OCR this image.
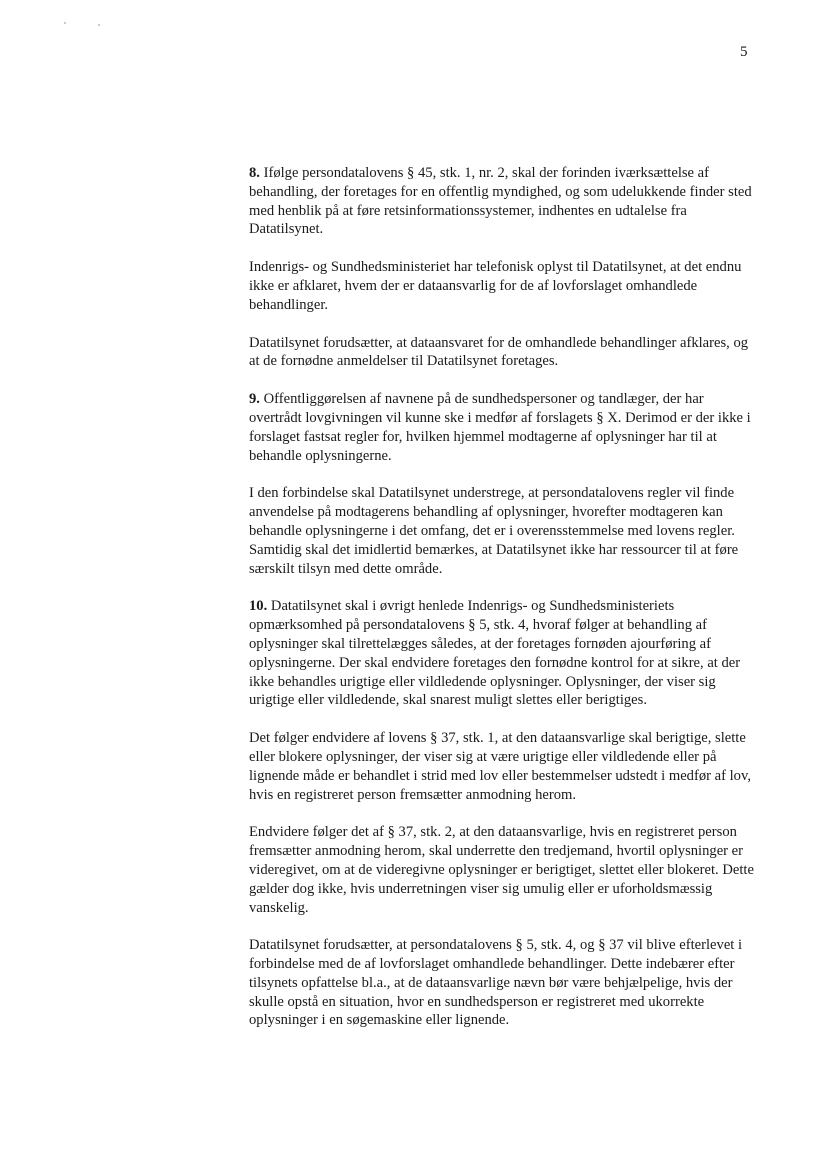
5

8. Ifølge persondatalovens § 45, stk. 1, nr. 2, skal der forinden iværksættelse af behandling, der foretages for en offentlig myndighed, og som udelukkende finder sted med henblik på at føre retsinformationssystemer, indhentes en udtalelse fra Datatilsynet.

Indenrigs- og Sundhedsministeriet har telefonisk oplyst til Datatilsynet, at det endnu ikke er afklaret, hvem der er dataansvarlig for de af lovforslaget omhandlede behandlinger.

Datatilsynet forudsætter, at dataansvaret for de omhandlede behandlinger afklares, og at de fornødne anmeldelser til Datatilsynet foretages.

9. Offentliggørelsen af navnene på de sundhedspersoner og tandlæger, der har overtrådt lovgivningen vil kunne ske i medfør af forslagets § X. Derimod er der ikke i forslaget fastsat regler for, hvilken hjemmel modtagerne af oplysninger har til at behandle oplysningerne.

I den forbindelse skal Datatilsynet understrege, at persondatalovens regler vil finde anvendelse på modtagerens behandling af oplysninger, hvorefter modtageren kan behandle oplysningerne i det omfang, det er i overensstemmelse med lovens regler. Samtidig skal det imidlertid bemærkes, at Datatilsynet ikke har ressourcer til at føre særskilt tilsyn med dette område.

10. Datatilsynet skal i øvrigt henlede Indenrigs- og Sundhedsministeriets opmærksomhed på persondatalovens § 5, stk. 4, hvoraf følger at behandling af oplysninger skal tilrettelægges således, at der foretages fornøden ajourføring af oplysningerne. Der skal endvidere foretages den fornødne kontrol for at sikre, at der ikke behandles urigtige eller vildledende oplysninger. Oplysninger, der viser sig urigtige eller vildledende, skal snarest muligt slettes eller berigtiges.

Det følger endvidere af lovens § 37, stk. 1, at den dataansvarlige skal berigtige, slette eller blokere oplysninger, der viser sig at være urigtige eller vildledende eller på lignende måde er behandlet i strid med lov eller bestemmelser udstedt i medfør af lov, hvis en registreret person fremsætter anmodning herom.

Endvidere følger det af § 37, stk. 2, at den dataansvarlige, hvis en registreret person fremsætter anmodning herom, skal underrette den tredjemand, hvortil oplysninger er videregivet, om at de videregivne oplysninger er berigtiget, slettet eller blokeret. Dette gælder dog ikke, hvis underretningen viser sig umulig eller er uforholdsmæssig vanskelig.

Datatilsynet forudsætter, at persondatalovens § 5, stk. 4, og § 37 vil blive efterlevet i forbindelse med de af lovforslaget omhandlede behandlinger. Dette indebærer efter tilsynets opfattelse bl.a., at de dataansvarlige nævn bør være behjælpelige, hvis der skulle opstå en situation, hvor en sundhedsperson er registreret med ukorrekte oplysninger i en søgemaskine eller lignende.
